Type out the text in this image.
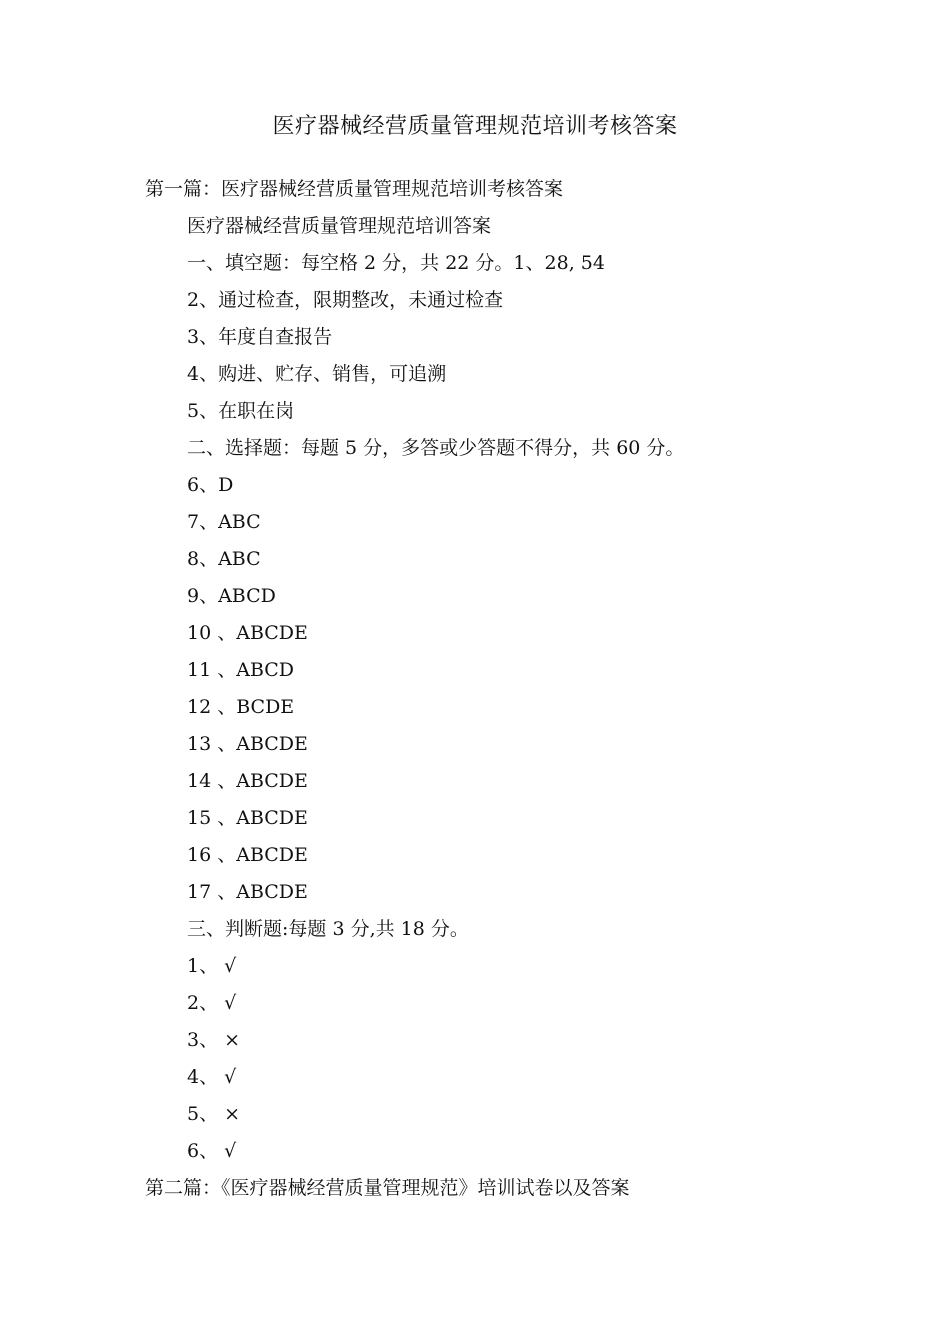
医疗器械经营质量管理规范培训考核答案
第一篇：医疗器械经营质量管理规范培训考核答案
医疗器械经营质量管理规范培训答案
一、填空题：每空格 2 分，共 22 分。1、28, 54
2、通过检查，限期整改，未通过检查
3、年度自查报告
4、购进、贮存、销售，可追溯
5、在职在岗
二、选择题：每题 5 分，多答或少答题不得分，共 60 分。
6、D
7、ABC
8、ABC
9、ABCD
10 、ABCDE
11 、ABCD
12 、BCDE
13 、ABCDE
14 、ABCDE
15 、ABCDE
16 、ABCDE
17 、ABCDE
三、判断题:每题 3 分,共 18 分。
1、 √
2、 √
3、 ×
4、 √
5、 ×
6、 √
第二篇：《医疗器械经营质量管理规范》培训试卷以及答案
